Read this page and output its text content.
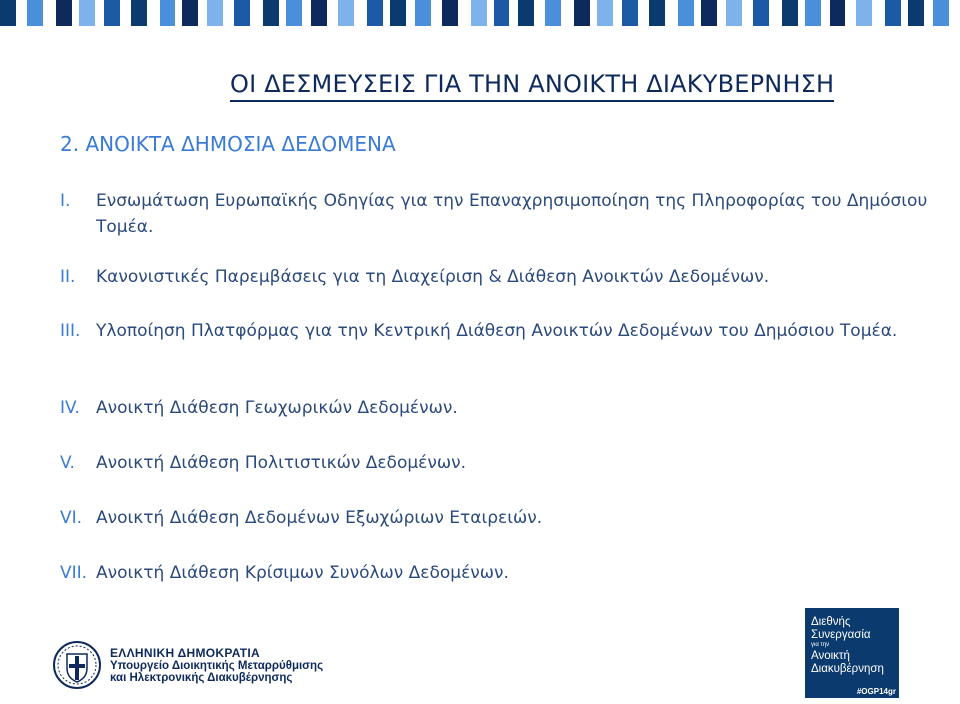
ΟΙ ΔΕΣΜΕΥΣΕΙΣ ΓΙΑ ΤΗΝ ΑΝΟΙΚΤΗ ΔΙΑΚΥΒΕΡΝΗΣΗ
2. ΑΝΟΙΚΤΑ ΔΗΜΟΣΙΑ ΔΕΔΟΜΕΝΑ
I. Ενσωμάτωση Ευρωπαϊκής Οδηγίας για την Επαναχρησιμοποίηση της Πληροφορίας του Δημόσιου Τομέα.
II. Κανονιστικές Παρεμβάσεις για τη Διαχείριση & Διάθεση Ανοικτών Δεδομένων.
III. Υλοποίηση Πλατφόρμας για την Κεντρική Διάθεση Ανοικτών Δεδομένων του Δημόσιου Τομέα.
IV. Ανοικτή Διάθεση Γεωχωρικών Δεδομένων.
V. Ανοικτή Διάθεση Πολιτιστικών Δεδομένων.
VI. Ανοικτή Διάθεση Δεδομένων Εξωχώριων Εταιρειών.
VII. Ανοικτή Διάθεση Κρίσιμων Συνόλων Δεδομένων.
ΕΛΛΗΝΙΚΗ ΔΗΜΟΚΡΑΤΙΑ
Υπουργείο Διοικητικής Μεταρρύθμισης
και Ηλεκτρονικής Διακυβέρνησης
Διεθνής
Συνεργασία
για την
Ανοικτή
Διακυβέρνηση
#OGP14gr
